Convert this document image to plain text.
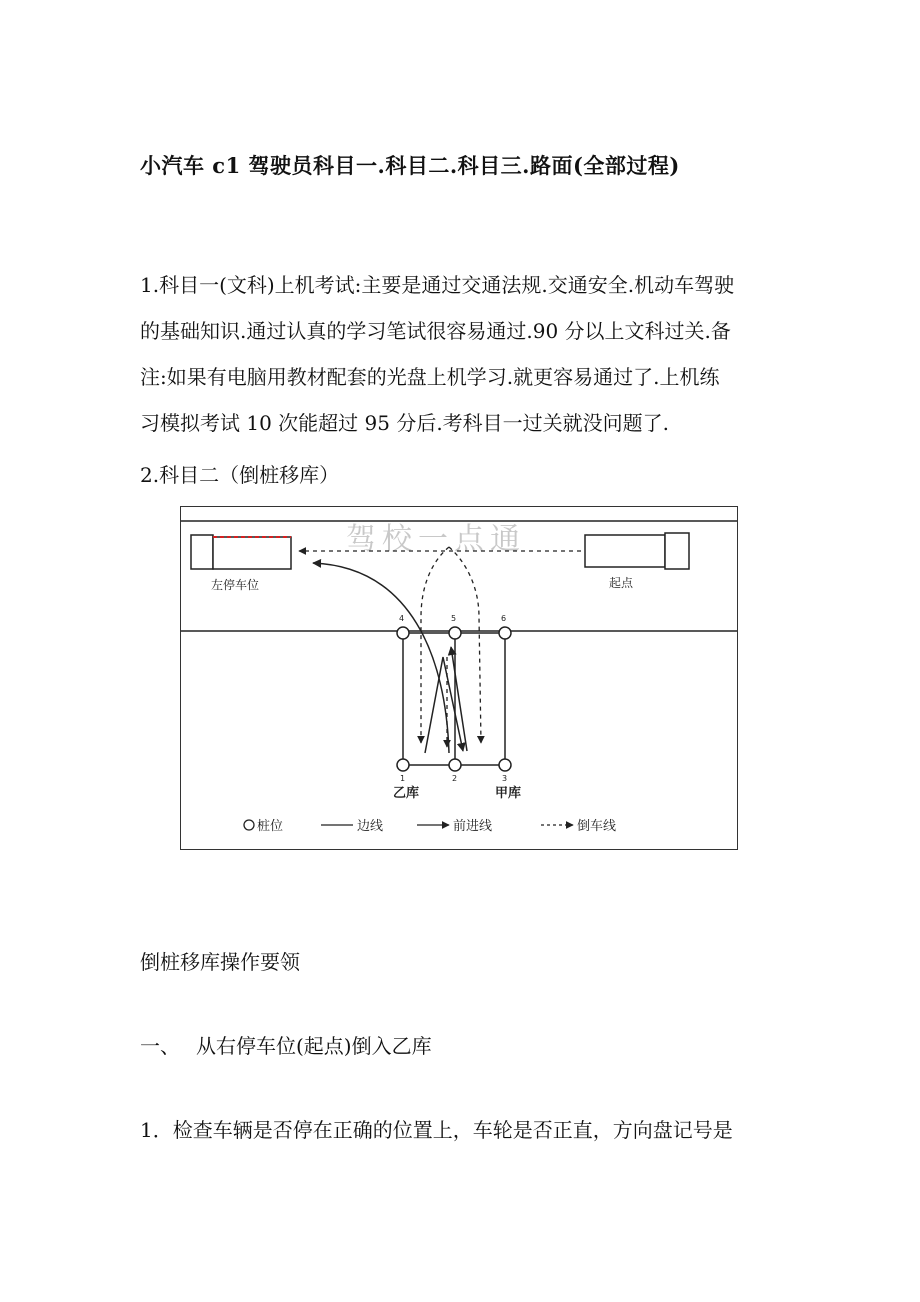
小汽车 c1 驾驶员科目一.科目二.科目三.路面(全部过程)
1.科目一(文科)上机考试:主要是通过交通法规.交通安全.机动车驾驶
的基础知识.通过认真的学习笔试很容易通过.90 分以上文科过关.备
注:如果有电脑用教材配套的光盘上机学习.就更容易通过了.上机练
习模拟考试 10 次能超过 95 分后.考科目一过关就没问题了.
2.科目二（倒桩移库）
驾校一点通
左停车位	起点
4	5	6
1	2	3
乙库	甲库
桩位	边线	前进线	倒车线
倒桩移库操作要领
一、 从右停车位(起点)倒入乙库
1．检查车辆是否停在正确的位置上，车轮是否正直，方向盘记号是
